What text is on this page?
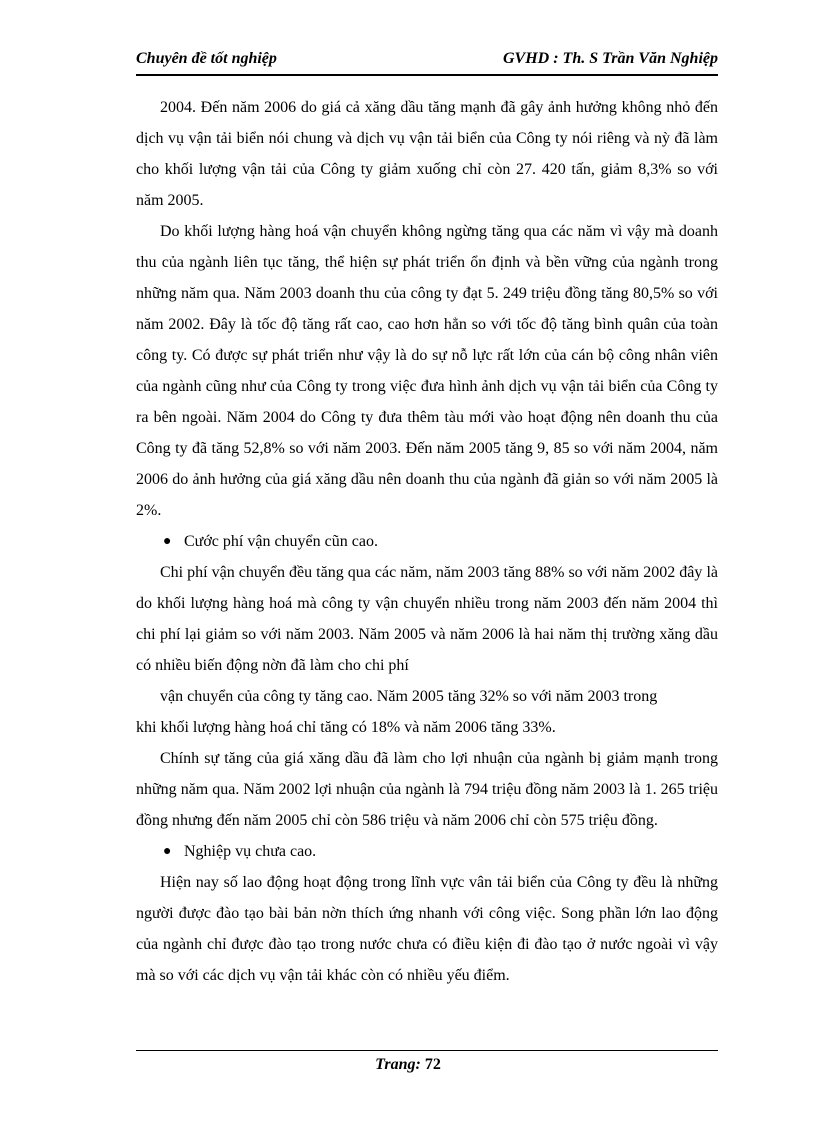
Chuyên đề tốt nghiệp	GVHD : Th. S Trần Văn Nghiệp

2004. Đến năm 2006 do giá cả xăng dầu tăng mạnh đã gây ảnh hưởng không nhỏ đến dịch vụ vận tải biển nói chung và dịch vụ vận tải biển của Công ty nói riêng và nỳ đã làm cho khối lượng vận tải của Công ty giảm xuống chỉ còn 27. 420 tấn, giảm 8,3% so với năm 2005.

Do khối lượng hàng hoá vận chuyển không ngừng tăng qua các năm vì vậy mà doanh thu của ngành liên tục tăng, thể hiện sự phát triển ổn định và bền vững của ngành trong những năm qua. Năm 2003 doanh thu của công ty đạt 5. 249 triệu đồng tăng 80,5% so với năm 2002. Đây là tốc độ tăng rất cao, cao hơn hẳn so với tốc độ tăng bình quân của toàn công ty. Có được sự phát triển như vậy là do sự nỗ lực rất lớn của cán bộ công nhân viên của ngành cũng như của Công ty trong việc đưa hình ảnh dịch vụ vận tải biển của Công ty ra bên ngoài. Năm 2004 do Công ty đưa thêm tàu mới vào hoạt động nên doanh thu của Công ty đã tăng 52,8% so với năm 2003. Đến năm 2005 tăng 9, 85 so với năm 2004, năm 2006 do ảnh hưởng của giá xăng dầu nên doanh thu của ngành đã giản so với năm 2005 là 2%.

● Cước phí vận chuyển cũn cao.

Chi phí vận chuyển đều tăng qua các năm, năm 2003 tăng 88% so với năm 2002 đây là do khối lượng hàng hoá mà công ty vận chuyển nhiều trong năm 2003 đến năm 2004 thì chi phí lại giảm so với năm 2003. Năm 2005 và năm 2006 là hai năm thị trường xăng dầu có nhiều biến động nờn đã làm cho chi phí

vận chuyển của công ty tăng cao. Năm 2005 tăng 32% so với năm 2003 trong

khi khối lượng hàng hoá chỉ tăng có 18% và năm 2006 tăng 33%.

Chính sự tăng của giá xăng dầu đã làm cho lợi nhuận của ngành bị giảm mạnh trong những năm qua. Năm 2002 lợi nhuận của ngành là 794 triệu đồng năm 2003 là 1. 265 triệu đồng nhưng đến năm 2005 chỉ còn 586 triệu và năm 2006 chỉ còn 575 triệu đồng.

● Nghiệp vụ chưa cao.

Hiện nay số lao động hoạt động trong lĩnh vực vân tải biển của Công ty đều là những người được đào tạo bài bản nờn thích ứng nhanh với công việc. Song phần lớn lao động của ngành chỉ được đào tạo trong nước chưa có điều kiện đi đào tạo ở nước ngoài vì vậy mà so với các dịch vụ vận tải khác còn có nhiều yếu điểm.

Trang: 72
